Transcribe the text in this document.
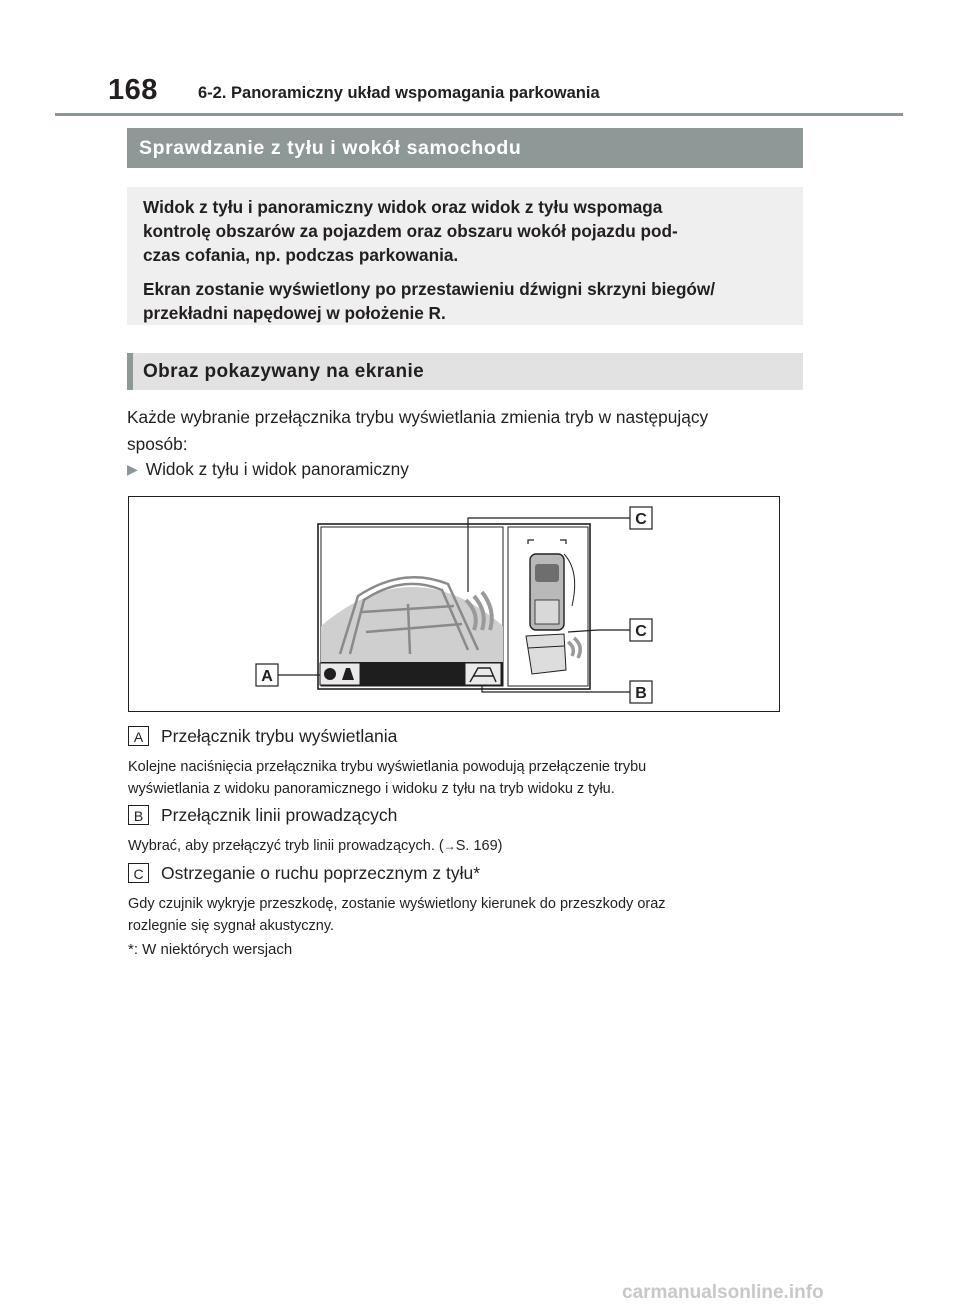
168 6-2. Panoramiczny układ wspomagania parkowania
Sprawdzanie z tyłu i wokół samochodu

Widok z tyłu i panoramiczny widok oraz widok z tyłu wspomaga
kontrolę obszarów za pojazdem oraz obszaru wokół pojazdu pod-
czas cofania, np. podczas parkowania.

Ekran zostanie wyświetlony po przestawieniu dźwigni skrzyni biegów/
przekładni napędowej w położenie R.

Obraz pokazywany na ekranie
Każde wybranie przełącznika trybu wyświetlania zmienia tryb w następujący
sposób:
▶ Widok z tyłu i widok panoramiczny
C
C
A
B
A Przełącznik trybu wyświetlania
Kolejne naciśnięcia przełącznika trybu wyświetlania powodują przełączenie trybu
wyświetlania z widoku panoramicznego i widoku z tyłu na tryb widoku z tyłu.
B Przełącznik linii prowadzących
Wybrać, aby przełączyć tryb linii prowadzących. (→S. 169)
C Ostrzeganie o ruchu poprzecznym z tyłu*
Gdy czujnik wykryje przeszkodę, zostanie wyświetlony kierunek do przeszkody oraz
rozlegnie się sygnał akustyczny.
*: W niektórych wersjach
carmanualsonline.info
